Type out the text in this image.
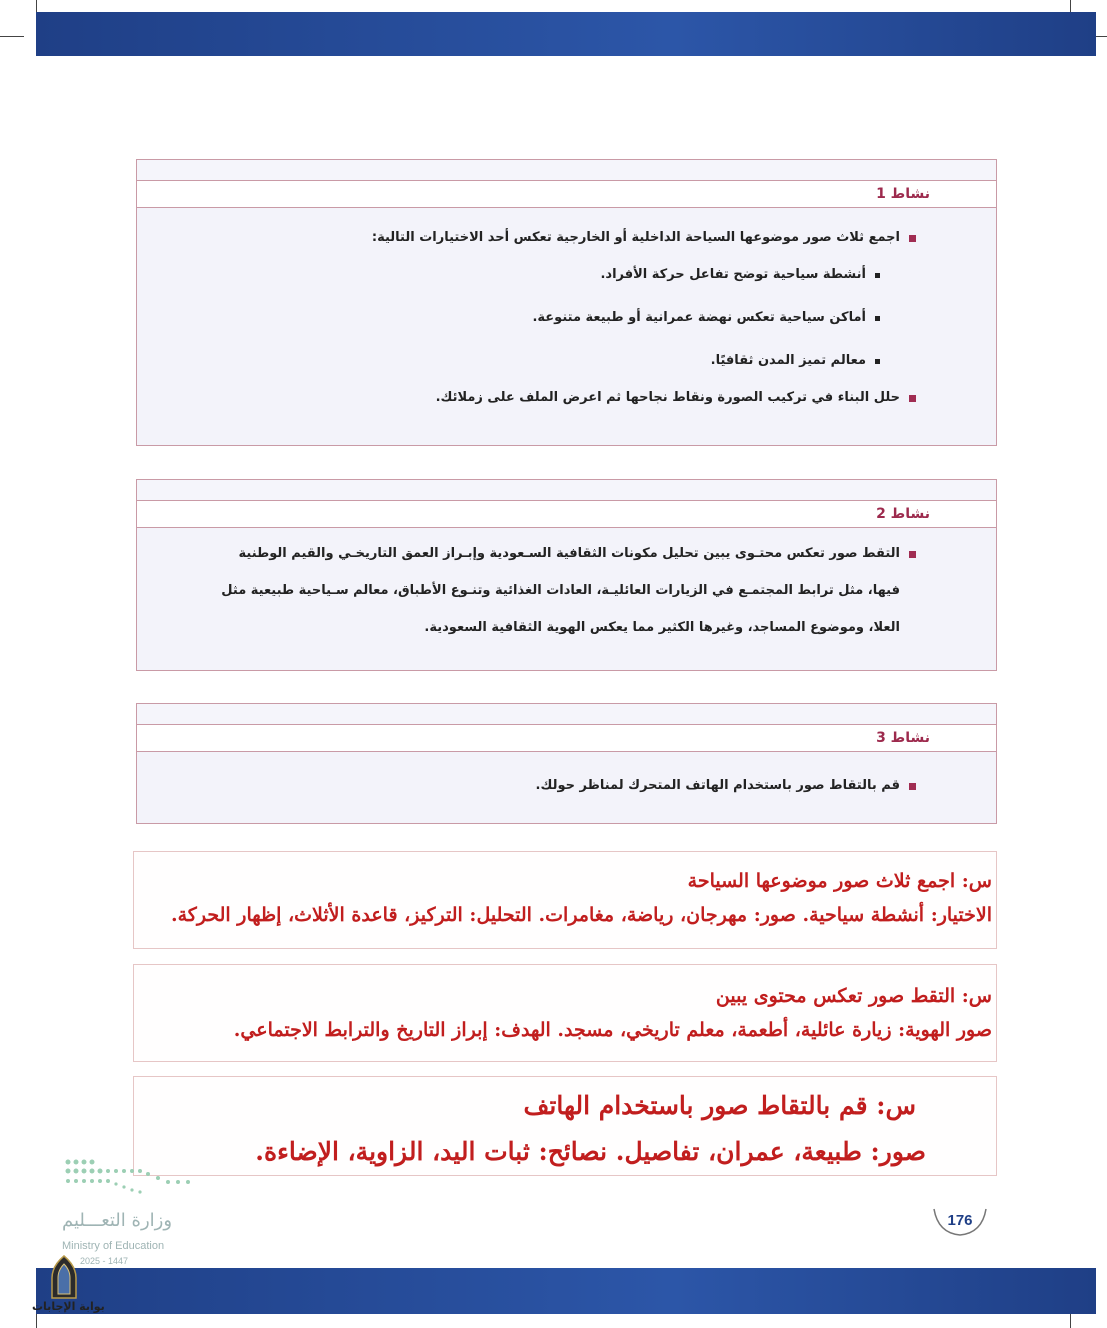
نشاط 1
اجمع ثلاث صور موضوعها السياحة الداخلية أو الخارجية تعكس أحد الاختيارات التالية:
أنشطة سياحية توضح تفاعل حركة الأفراد.
أماكن سياحية تعكس نهضة عمرانية أو طبيعة متنوعة.
معالم تميز المدن ثقافيًا.
حلل البناء في تركيب الصورة ونقاط نجاحها ثم اعرض الملف على زملائك.
نشاط 2
التقط صور تعكس محتـوى يبين تحليل مكونات الثقافية السـعودية وإبـراز العمق التاريخـي والقيم الوطنية
فيها، مثل ترابط المجتمـع في الزيارات العائليـة، العادات الغذائية وتنـوع الأطباق، معالم سـياحية طبيعية مثل
العلا، وموضوع المساجد، وغيرها الكثير مما يعكس الهوية الثقافية السعودية.
نشاط 3
قم بالتقاط صور باستخدام الهاتف المتحرك لمناظر حولك.

س: اجمع ثلاث صور موضوعها السياحة

الاختيار: أنشطة سياحية. صور: مهرجان، رياضة، مغامرات. التحليل: التركيز، قاعدة الأثلاث، إظهار الحركة.

س: التقط صور تعكس محتوى يبين

صور الهوية: زيارة عائلية، أطعمة، معلم تاريخي، مسجد. الهدف: إبراز التاريخ والترابط الاجتماعي.

س: قم بالتقاط صور باستخدام الهاتف

صور: طبيعة، عمران، تفاصيل. نصائح: ثبات اليد، الزاوية، الإضاءة.

وزارة التعـــليم
Ministry of Education
2025 - 1447
176
بوابة الإجابات
